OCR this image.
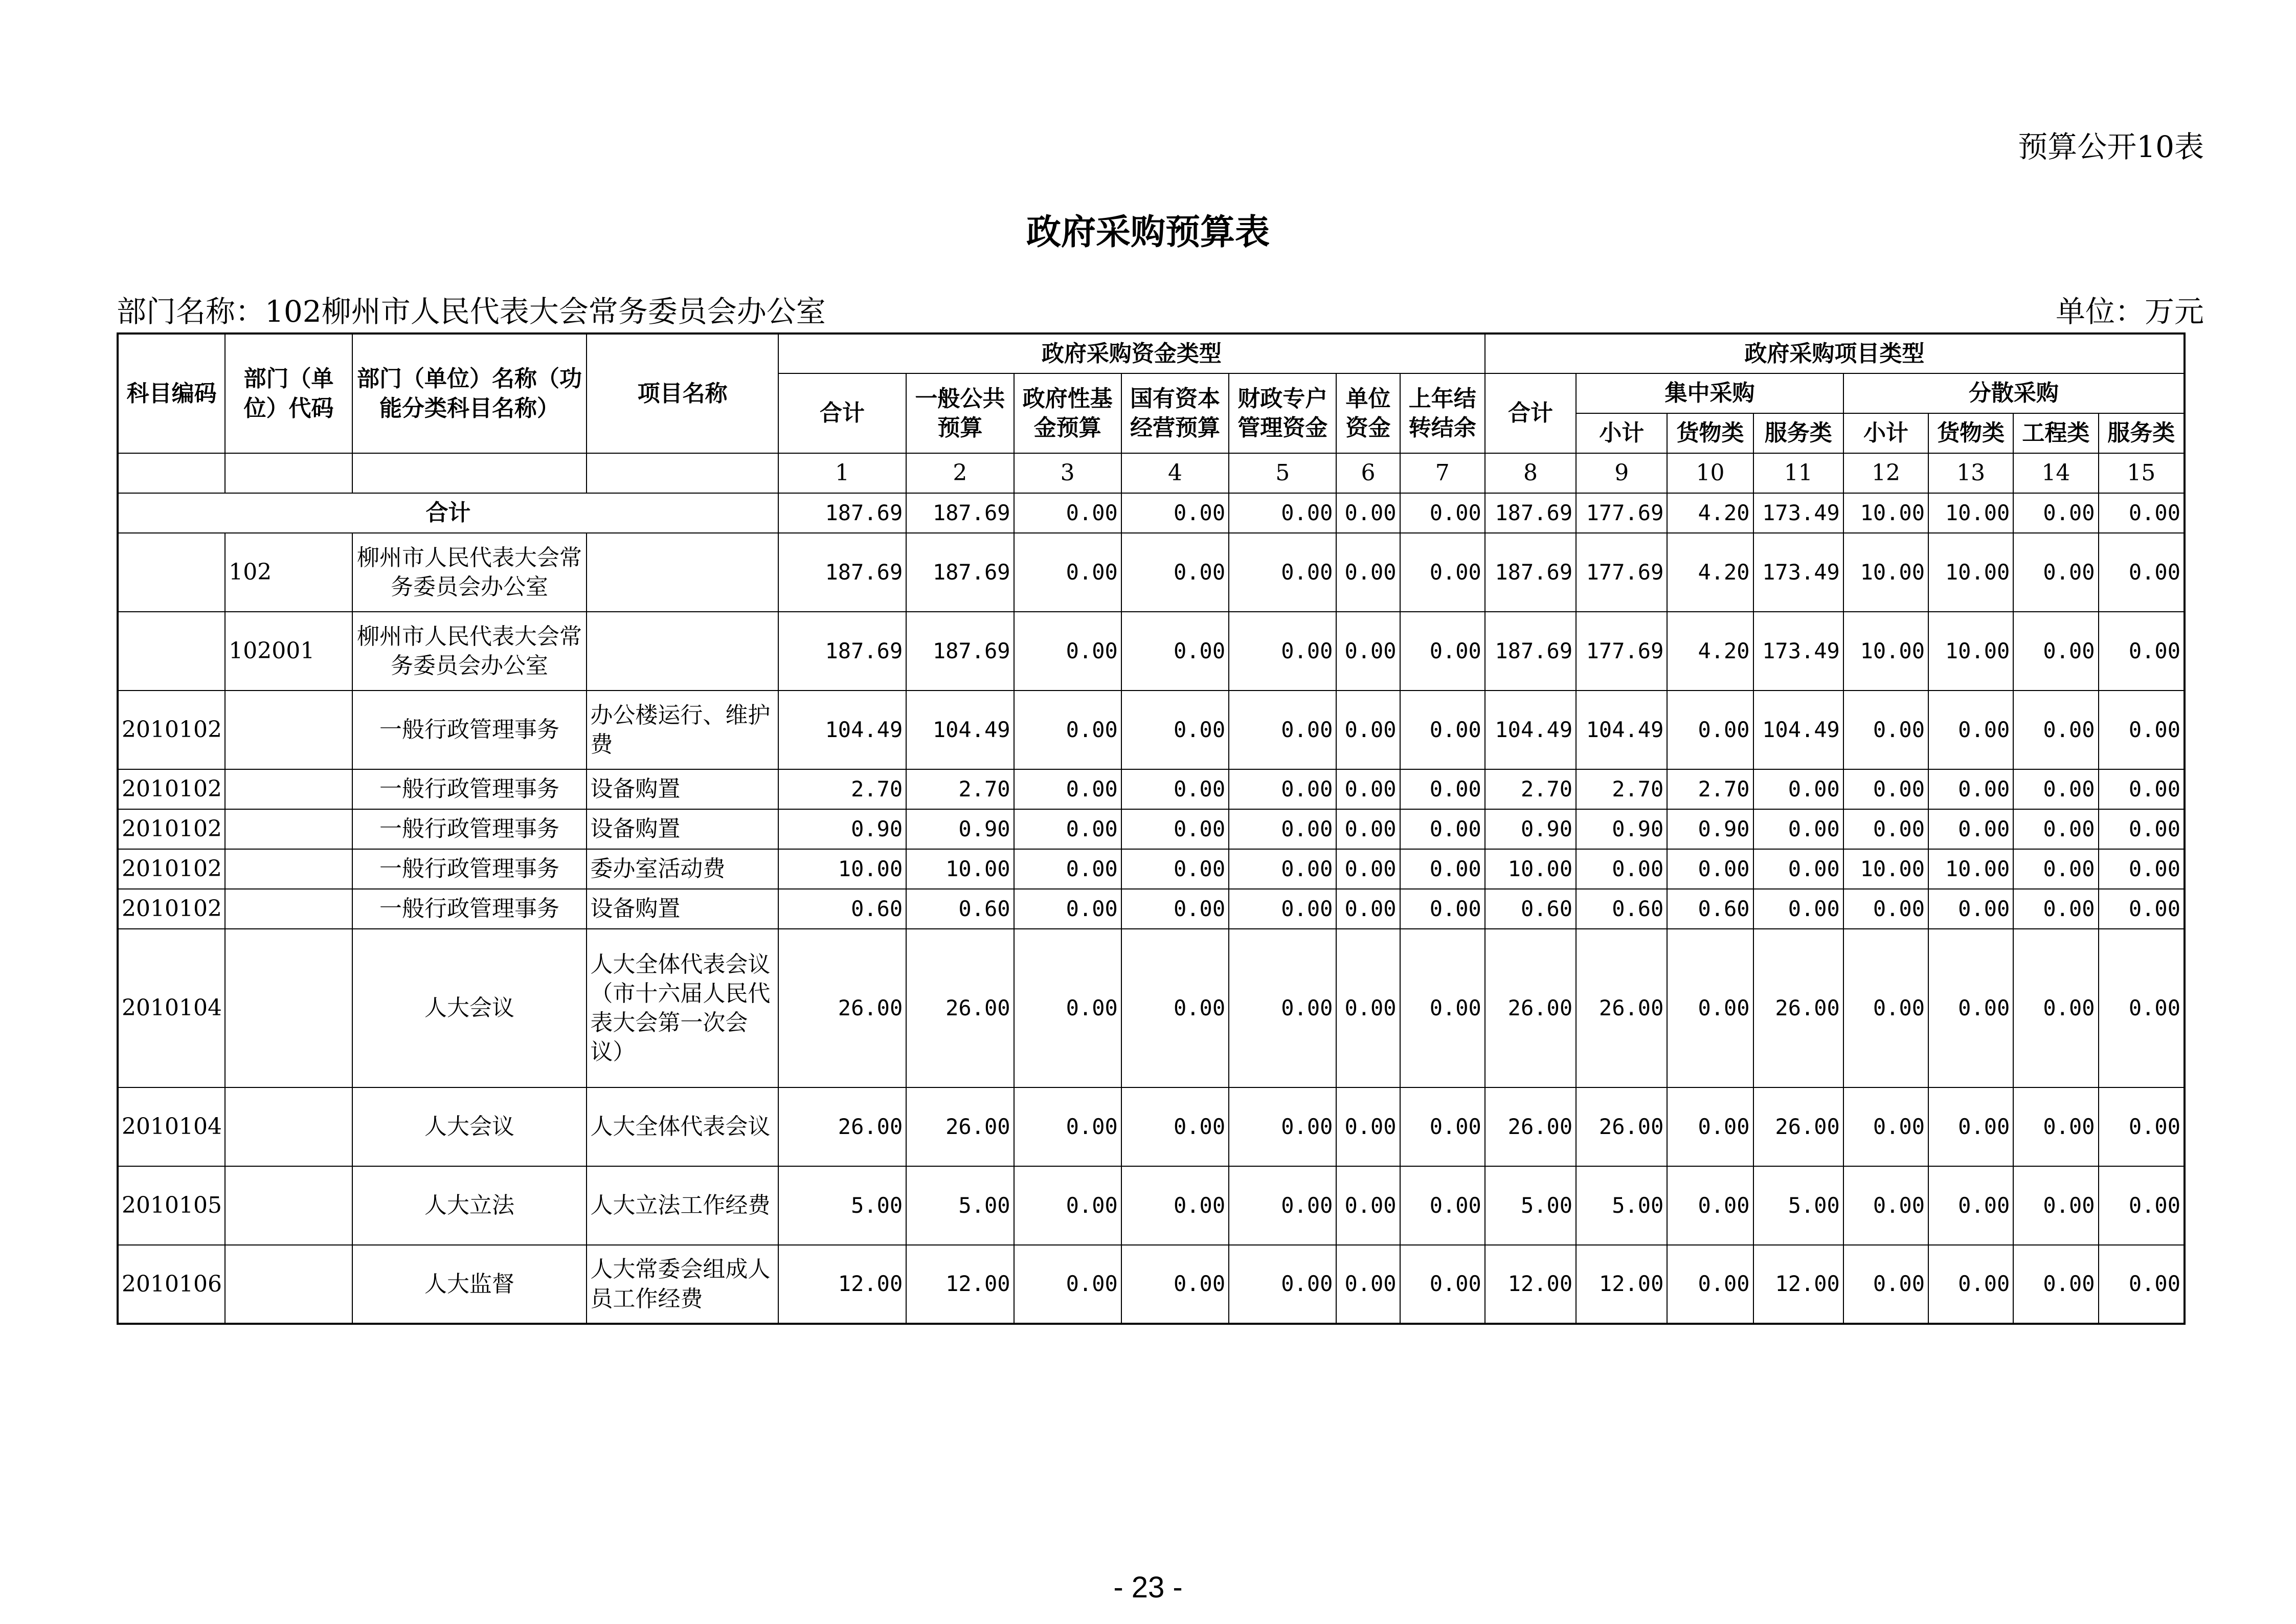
预算公开10表
政府采购预算表
部门名称：102柳州市人民代表大会常务委员会办公室	单位：万元
科目编码	部门（单位）代码	部门（单位）名称（功能分类科目名称）	项目名称	政府采购资金类型							政府采购项目类型							
				合计	一般公共预算	政府性基金预算	国有资本经营预算	财政专户管理资金	单位资金	上年结转结余	合计	集中采购			分散采购			
												小计	货物类	服务类	小计	货物类	工程类	服务类
				1	2	3	4	5	6	7	8	9	10	11	12	13	14	15
合计				187.69	187.69	0.00	0.00	0.00	0.00	0.00	187.69	177.69	4.20	173.49	10.00	10.00	0.00	0.00
	102	柳州市人民代表大会常务委员会办公室		187.69	187.69	0.00	0.00	0.00	0.00	0.00	187.69	177.69	4.20	173.49	10.00	10.00	0.00	0.00
	102001	柳州市人民代表大会常务委员会办公室		187.69	187.69	0.00	0.00	0.00	0.00	0.00	187.69	177.69	4.20	173.49	10.00	10.00	0.00	0.00
2010102		一般行政管理事务	办公楼运行、维护费	104.49	104.49	0.00	0.00	0.00	0.00	0.00	104.49	104.49	0.00	104.49	0.00	0.00	0.00	0.00
2010102		一般行政管理事务	设备购置	2.70	2.70	0.00	0.00	0.00	0.00	0.00	2.70	2.70	2.70	0.00	0.00	0.00	0.00	0.00
2010102		一般行政管理事务	设备购置	0.90	0.90	0.00	0.00	0.00	0.00	0.00	0.90	0.90	0.90	0.00	0.00	0.00	0.00	0.00
2010102		一般行政管理事务	委办室活动费	10.00	10.00	0.00	0.00	0.00	0.00	0.00	10.00	0.00	0.00	0.00	10.00	10.00	0.00	0.00
2010102		一般行政管理事务	设备购置	0.60	0.60	0.00	0.00	0.00	0.00	0.00	0.60	0.60	0.60	0.00	0.00	0.00	0.00	0.00
2010104		人大会议	人大全体代表会议（市十六届人民代表大会第一次会议）	26.00	26.00	0.00	0.00	0.00	0.00	0.00	26.00	26.00	0.00	26.00	0.00	0.00	0.00	0.00
2010104		人大会议	人大全体代表会议	26.00	26.00	0.00	0.00	0.00	0.00	0.00	26.00	26.00	0.00	26.00	0.00	0.00	0.00	0.00
2010105		人大立法	人大立法工作经费	5.00	5.00	0.00	0.00	0.00	0.00	0.00	5.00	5.00	0.00	5.00	0.00	0.00	0.00	0.00
2010106		人大监督	人大常委会组成人员工作经费	12.00	12.00	0.00	0.00	0.00	0.00	0.00	12.00	12.00	0.00	12.00	0.00	0.00	0.00	0.00
- 23 -
